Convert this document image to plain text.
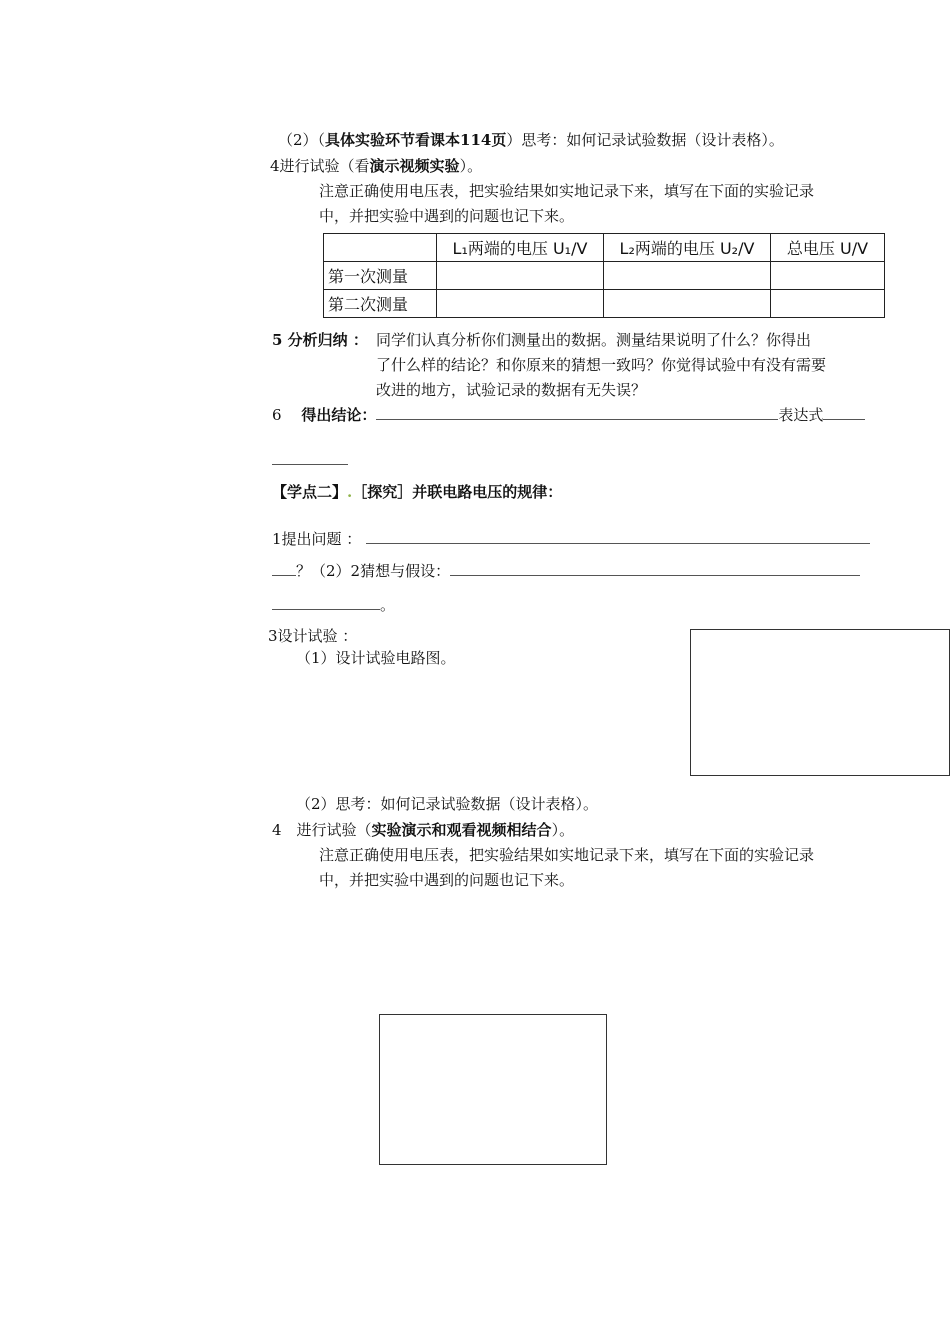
（2）（具体实验环节看课本114页）思考：如何记录试验数据（设计表格）。
4进行试验（看演示视频实验）。
注意正确使用电压表，把实验结果如实地记录下来，填写在下面的实验记录
中，并把实验中遇到的问题也记下来。
	L₁两端的电压 U₁/V	L₂两端的电压 U₂/V	总电压 U/V
第一次测量			
第二次测量			
5 分析归纳 ： 同学们认真分析你们测量出的数据。测量结果说明了什么？你得出
了什么样的结论？和你原来的猜想一致吗？你觉得试验中有没有需要
改进的地方，试验记录的数据有无失误？
6　 得出结论：	表达式
【学点二】.［探究］并联电路电压的规律：
1提出问题 ：
？（2）2猜想与假设：
。
3设计试验 ：
（1）设计试验电路图。
（2）思考：如何记录试验数据（设计表格）。
4　进行试验（实验演示和观看视频相结合）。
注意正确使用电压表，把实验结果如实地记录下来，填写在下面的实验记录
中，并把实验中遇到的问题也记下来。
